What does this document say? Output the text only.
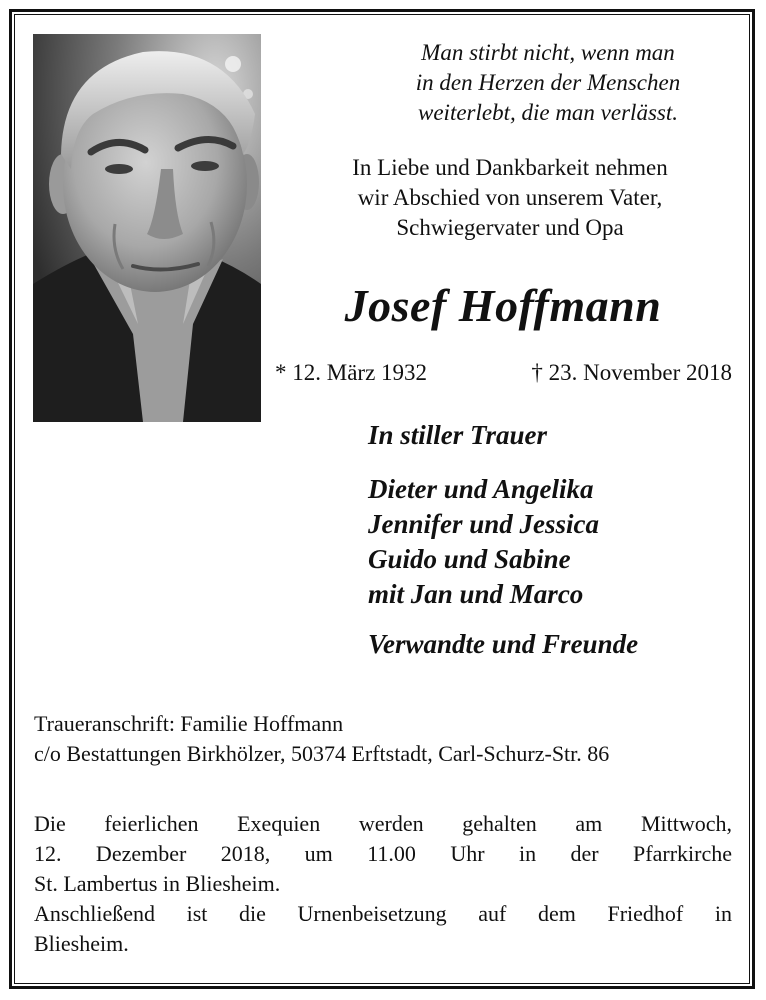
Man stirbt nicht, wenn man
in den Herzen der Menschen
weiterlebt, die man verlässt.
In Liebe und Dankbarkeit nehmen
wir Abschied von unserem Vater,
Schwiegervater und Opa
Josef Hoffmann
* 12. März 1932	† 23. November 2018
In stiller Trauer
Dieter und Angelika
Jennifer und Jessica
Guido und Sabine
mit Jan und Marco
Verwandte und Freunde
Traueranschrift: Familie Hoffmann
c/o Bestattungen Birkhölzer, 50374 Erftstadt, Carl-Schurz-Str. 86
Die feierlichen Exequien werden gehalten am Mittwoch,
12. Dezember 2018, um 11.00 Uhr in der Pfarrkirche
St. Lambertus in Bliesheim.
Anschließend ist die Urnenbeisetzung auf dem Friedhof in
Bliesheim.
